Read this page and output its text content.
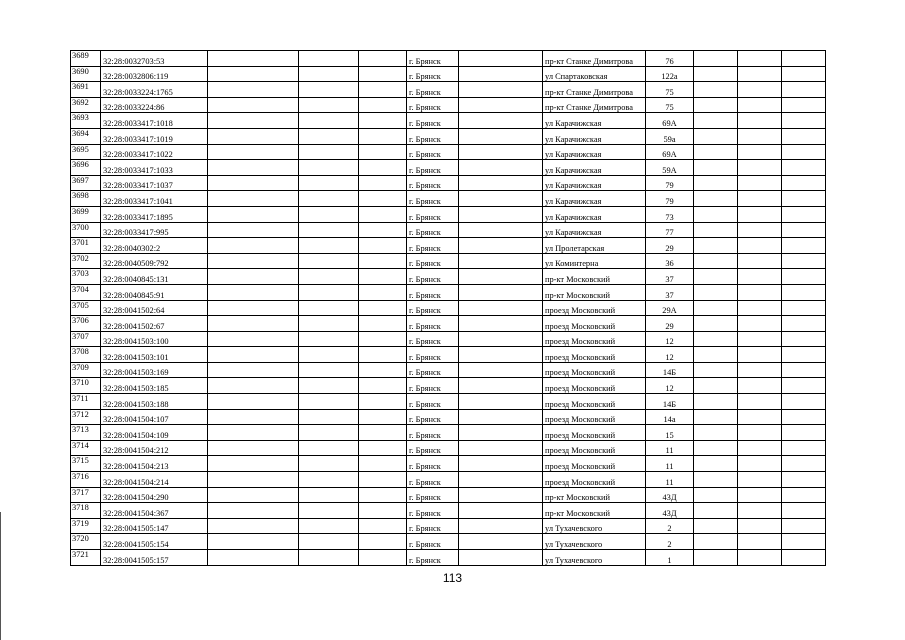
3689	32:28:0032703:53				г. Брянск		пр-кт Станке Димитрова	76			
3690	32:28:0032806:119				г. Брянск		ул Спартаковская	122а			
3691	32:28:0033224:1765				г. Брянск		пр-кт Станке Димитрова	75			
3692	32:28:0033224:86				г. Брянск		пр-кт Станке Димитрова	75			
3693	32:28:0033417:1018				г. Брянск		ул Карачижская	69А			
3694	32:28:0033417:1019				г. Брянск		ул Карачижская	59а			
3695	32:28:0033417:1022				г. Брянск		ул Карачижская	69А			
3696	32:28:0033417:1033				г. Брянск		ул Карачижская	59А			
3697	32:28:0033417:1037				г. Брянск		ул Карачижская	79			
3698	32:28:0033417:1041				г. Брянск		ул Карачижская	79			
3699	32:28:0033417:1895				г. Брянск		ул Карачижская	73			
3700	32:28:0033417:995				г. Брянск		ул Карачижская	77			
3701	32:28:0040302:2				г. Брянск		ул Пролетарская	29			
3702	32:28:0040509:792				г. Брянск		ул Коминтерна	36			
3703	32:28:0040845:131				г. Брянск		пр-кт Московский	37			
3704	32:28:0040845:91				г. Брянск		пр-кт Московский	37			
3705	32:28:0041502:64				г. Брянск		проезд Московский	29А			
3706	32:28:0041502:67				г. Брянск		проезд Московский	29			
3707	32:28:0041503:100				г. Брянск		проезд Московский	12			
3708	32:28:0041503:101				г. Брянск		проезд Московский	12			
3709	32:28:0041503:169				г. Брянск		проезд Московский	14Б			
3710	32:28:0041503:185				г. Брянск		проезд Московский	12			
3711	32:28:0041503:188				г. Брянск		проезд Московский	14Б			
3712	32:28:0041504:107				г. Брянск		проезд Московский	14а			
3713	32:28:0041504:109				г. Брянск		проезд Московский	15			
3714	32:28:0041504:212				г. Брянск		проезд Московский	11			
3715	32:28:0041504:213				г. Брянск		проезд Московский	11			
3716	32:28:0041504:214				г. Брянск		проезд Московский	11			
3717	32:28:0041504:290				г. Брянск		пр-кт Московский	43Д			
3718	32:28:0041504:367				г. Брянск		пр-кт Московский	43Д			
3719	32:28:0041505:147				г. Брянск		ул Тухачевского	2			
3720	32:28:0041505:154				г. Брянск		ул Тухачевского	2			
3721	32:28:0041505:157				г. Брянск		ул Тухачевского	1			
113
